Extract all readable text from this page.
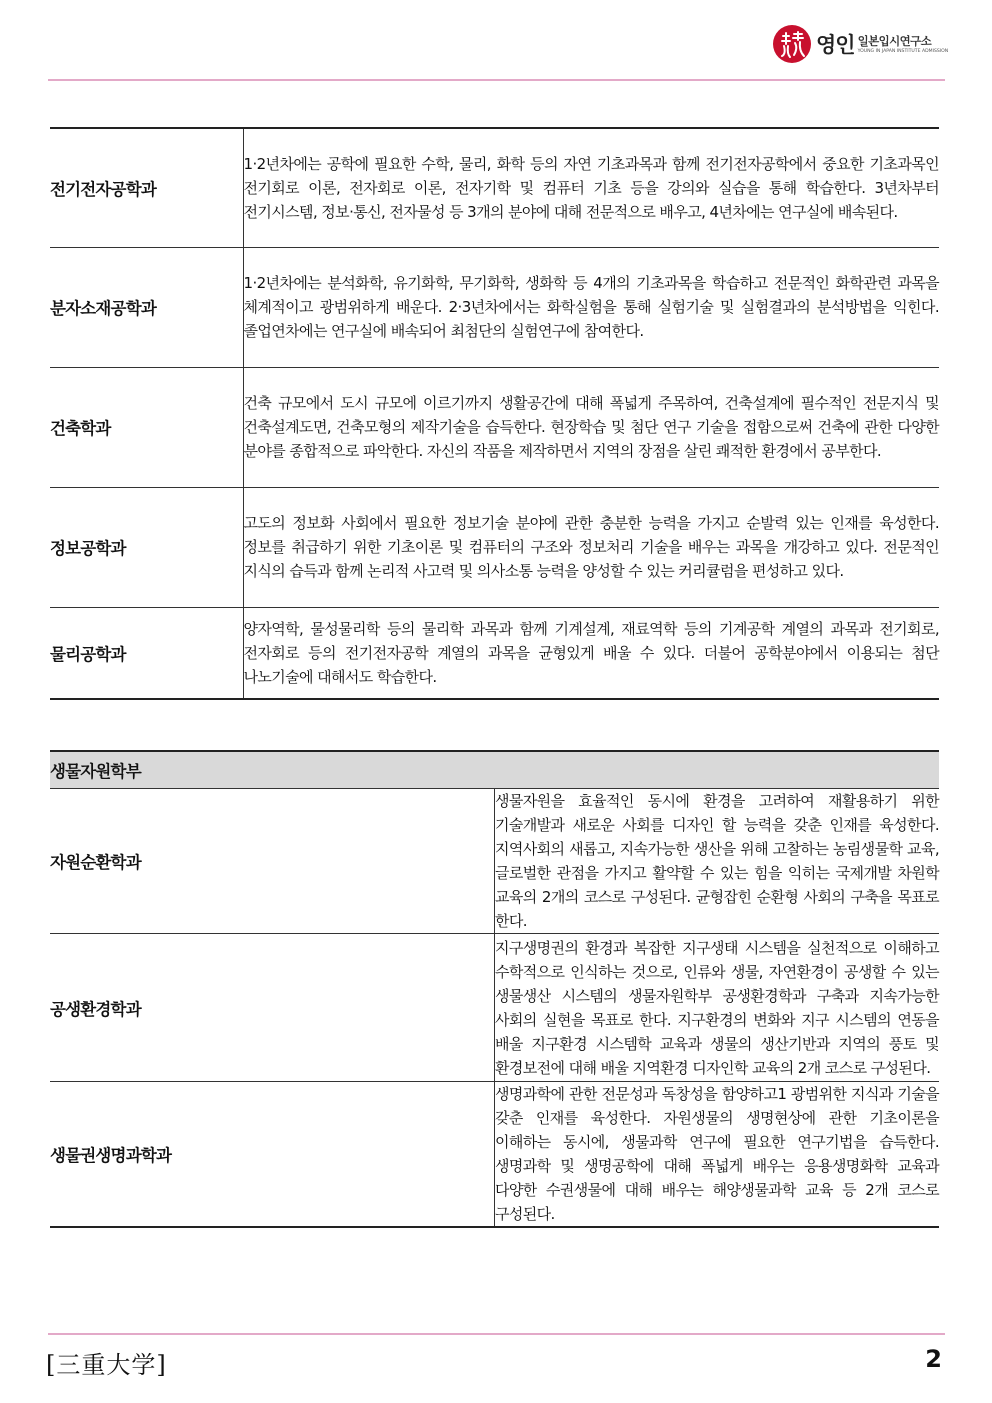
영인 일본입시연구소
YOUNG IN JAPAN INSTITUTE ADMISSION
전기전자공학과	1·2년차에는 공학에 필요한 수학, 물리, 화학 등의 자연 기초과목과 함께 전기전자공학에서 중요한 기초과목인 전기회로 이론, 전자회로 이론, 전자기학 및 컴퓨터 기초 등을 강의와 실습을 통해 학습한다. 3년차부터 전기시스템, 정보·통신, 전자물성 등 3개의 분야에 대해 전문적으로 배우고, 4년차에는 연구실에 배속된다.
분자소재공학과	1·2년차에는 분석화학, 유기화학, 무기화학, 생화학 등 4개의 기초과목을 학습하고 전문적인 화학관련 과목을 체계적이고 광범위하게 배운다. 2·3년차에서는 화학실험을 통해 실험기술 및 실험결과의 분석방법을 익힌다. 졸업연차에는 연구실에 배속되어 최첨단의 실험연구에 참여한다.
건축학과	건축 규모에서 도시 규모에 이르기까지 생활공간에 대해 폭넓게 주목하여, 건축설계에 필수적인 전문지식 및 건축설계도면, 건축모형의 제작기술을 습득한다. 현장학습 및 첨단 연구 기술을 접함으로써 건축에 관한 다양한 분야를 종합적으로 파악한다. 자신의 작품을 제작하면서 지역의 장점을 살린 쾌적한 환경에서 공부한다.
정보공학과	고도의 정보화 사회에서 필요한 정보기술 분야에 관한 충분한 능력을 가지고 순발력 있는 인재를 육성한다. 정보를 취급하기 위한 기초이론 및 컴퓨터의 구조와 정보처리 기술을 배우는 과목을 개강하고 있다. 전문적인 지식의 습득과 함께 논리적 사고력 및 의사소통 능력을 양성할 수 있는 커리큘럼을 편성하고 있다.
물리공학과	양자역학, 물성물리학 등의 물리학 과목과 함께 기계설계, 재료역학 등의 기계공학 계열의 과목과 전기회로, 전자회로 등의 전기전자공학 계열의 과목을 균형있게 배울 수 있다. 더불어 공학분야에서 이용되는 첨단 나노기술에 대해서도 학습한다.
생물자원학부	
자원순환학과	생물자원을 효율적인 동시에 환경을 고려하여 재활용하기 위한 기술개발과 새로운 사회를 디자인 할 능력을 갖춘 인재를 육성한다. 지역사회의 새롭고, 지속가능한 생산을 위해 고찰하는 농림생물학 교육, 글로벌한 관점을 가지고 활약할 수 있는 힘을 익히는 국제개발 차원학 교육의 2개의 코스로 구성된다. 균형잡힌 순환형 사회의 구축을 목표로 한다.
공생환경학과	지구생명권의 환경과 복잡한 지구생태 시스템을 실천적으로 이해하고 수학적으로 인식하는 것으로, 인류와 생물, 자연환경이 공생할 수 있는 생물생산 시스템의 생물자원학부 공생환경학과 구축과 지속가능한 사회의 실현을 목표로 한다. 지구환경의 변화와 지구 시스템의 연동을 배울 지구환경 시스템학 교육과 생물의 생산기반과 지역의 풍토 및 환경보전에 대해 배울 지역환경 디자인학 교육의 2개 코스로 구성된다.
생물권생명과학과	생명과학에 관한 전문성과 독창성을 함양하고1 광범위한 지식과 기술을 갖춘 인재를 육성한다. 자원생물의 생명현상에 관한 기초이론을 이해하는 동시에, 생물과학 연구에 필요한 연구기법을 습득한다. 생명과학 및 생명공학에 대해 폭넓게 배우는 응용생명화학 교육과 다양한 수권생물에 대해 배우는 해양생물과학 교육 등 2개 코스로 구성된다.
[三重大学]	2
